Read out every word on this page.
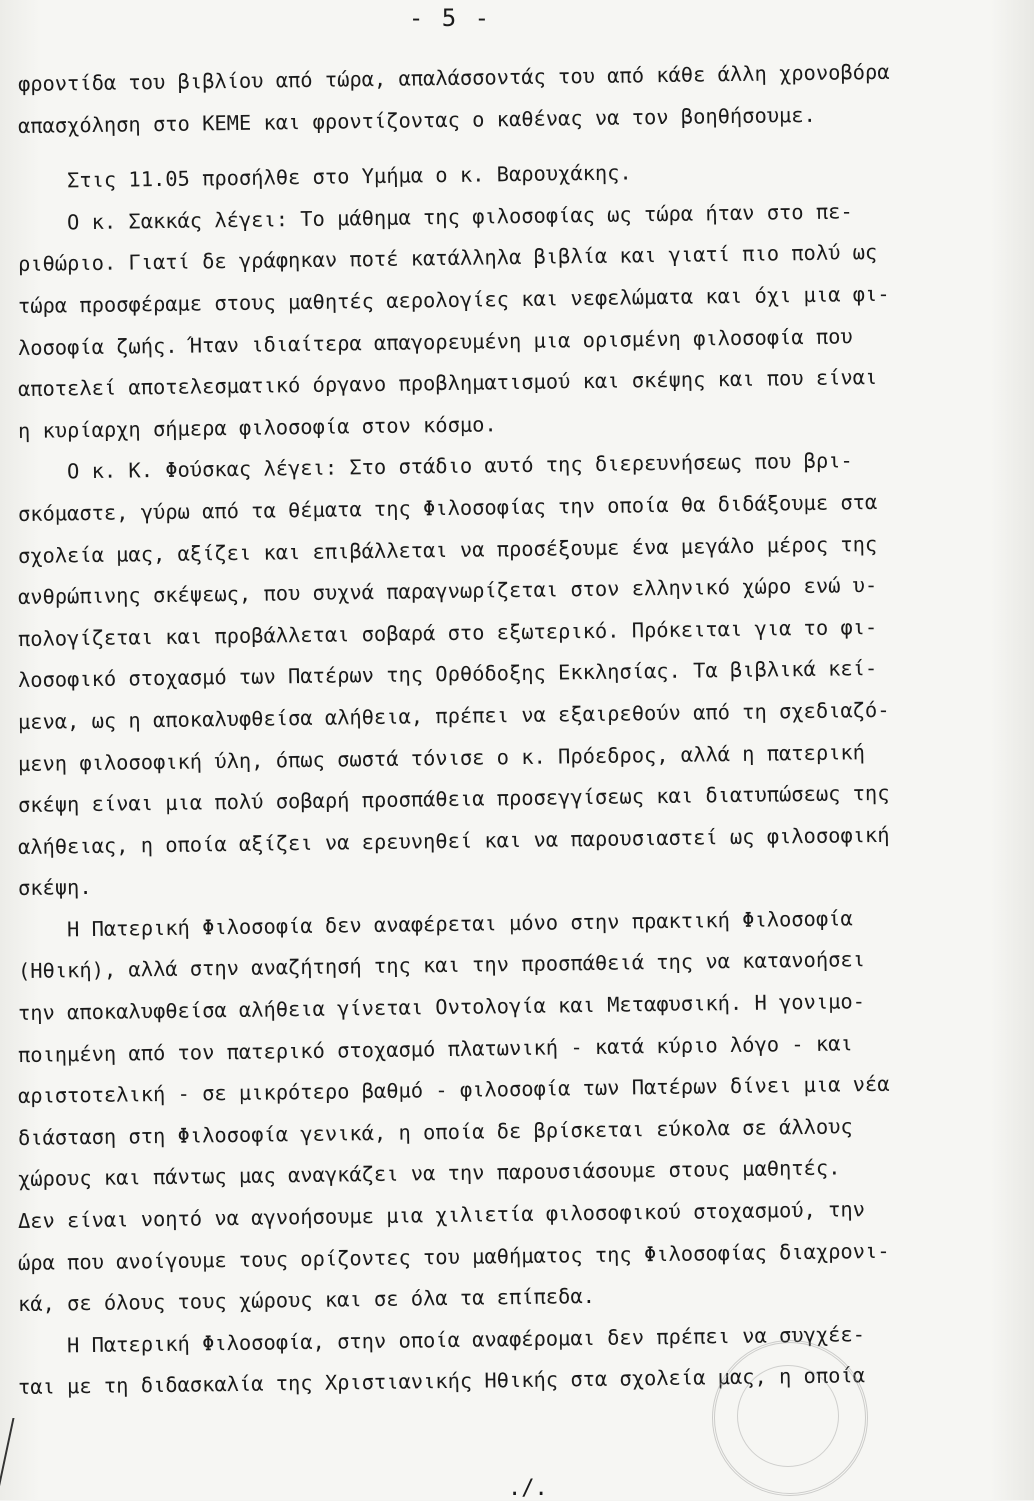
- 5 -
φροντίδα του βιβλίου από τώρα, απαλάσσοντάς του από κάθε άλλη χρονοβόρα
απασχόληση στο ΚΕΜΕ και φροντίζοντας ο καθένας να τον βοηθήσουμε.
Στις 11.05 προσήλθε στο Υμήμα ο κ. Βαρουχάκης.
Ο κ. Σακκάς λέγει: Το μάθημα της φιλοσοφίας ως τώρα ήταν στο πε-
ριθώριο. Γιατί δε γράφηκαν ποτέ κατάλληλα βιβλία και γιατί πιο πολύ ως
τώρα προσφέραμε στους μαθητές αερολογίες και νεφελώματα και όχι μια φι-
λοσοφία ζωής. Ήταν ιδιαίτερα απαγορευμένη μια ορισμένη φιλοσοφία που
αποτελεί αποτελεσματικό όργανο προβληματισμού και σκέψης και που είναι
η κυρίαρχη σήμερα φιλοσοφία στον κόσμο.
Ο κ. Κ. Φούσκας λέγει: Στο στάδιο αυτό της διερευνήσεως που βρι-
σκόμαστε, γύρω από τα θέματα της Φιλοσοφίας την οποία θα διδάξουμε στα
σχολεία μας, αξίζει και επιβάλλεται να προσέξουμε ένα μεγάλο μέρος της
ανθρώπινης σκέψεως, που συχνά παραγνωρίζεται στον ελληνικό χώρο ενώ υ-
πολογίζεται και προβάλλεται σοβαρά στο εξωτερικό. Πρόκειται για το φι-
λοσοφικό στοχασμό των Πατέρων της Ορθόδοξης Εκκλησίας. Τα βιβλικά κεί-
μενα, ως η αποκαλυφθείσα αλήθεια, πρέπει να εξαιρεθούν από τη σχεδιαζό-
μενη φιλοσοφική ύλη, όπως σωστά τόνισε ο κ. Πρόεδρος, αλλά η πατερική
σκέψη είναι μια πολύ σοβαρή προσπάθεια προσεγγίσεως και διατυπώσεως της
αλήθειας, η οποία αξίζει να ερευνηθεί και να παρουσιαστεί ως φιλοσοφική
σκέψη.
Η Πατερική Φιλοσοφία δεν αναφέρεται μόνο στην πρακτική Φιλοσοφία
(Ηθική), αλλά στην αναζήτησή της και την προσπάθειά της να κατανοήσει
την αποκαλυφθείσα αλήθεια γίνεται Οντολογία και Μεταφυσική. Η γονιμο-
ποιημένη από τον πατερικό στοχασμό πλατωνική - κατά κύριο λόγο - και
αριστοτελική - σε μικρότερο βαθμό - φιλοσοφία των Πατέρων δίνει μια νέα
διάσταση στη Φιλοσοφία γενικά, η οποία δε βρίσκεται εύκολα σε άλλους
χώρους και πάντως μας αναγκάζει να την παρουσιάσουμε στους μαθητές.
Δεν είναι νοητό να αγνοήσουμε μια χιλιετία φιλοσοφικού στοχασμού, την
ώρα που ανοίγουμε τους ορίζοντες του μαθήματος της Φιλοσοφίας διαχρονι-
κά, σε όλους τους χώρους και σε όλα τα επίπεδα.
Η Πατερική Φιλοσοφία, στην οποία αναφέρομαι δεν πρέπει να συγχέε-
ται με τη διδασκαλία της Χριστιανικής Ηθικής στα σχολεία μας, η οποία
./.
